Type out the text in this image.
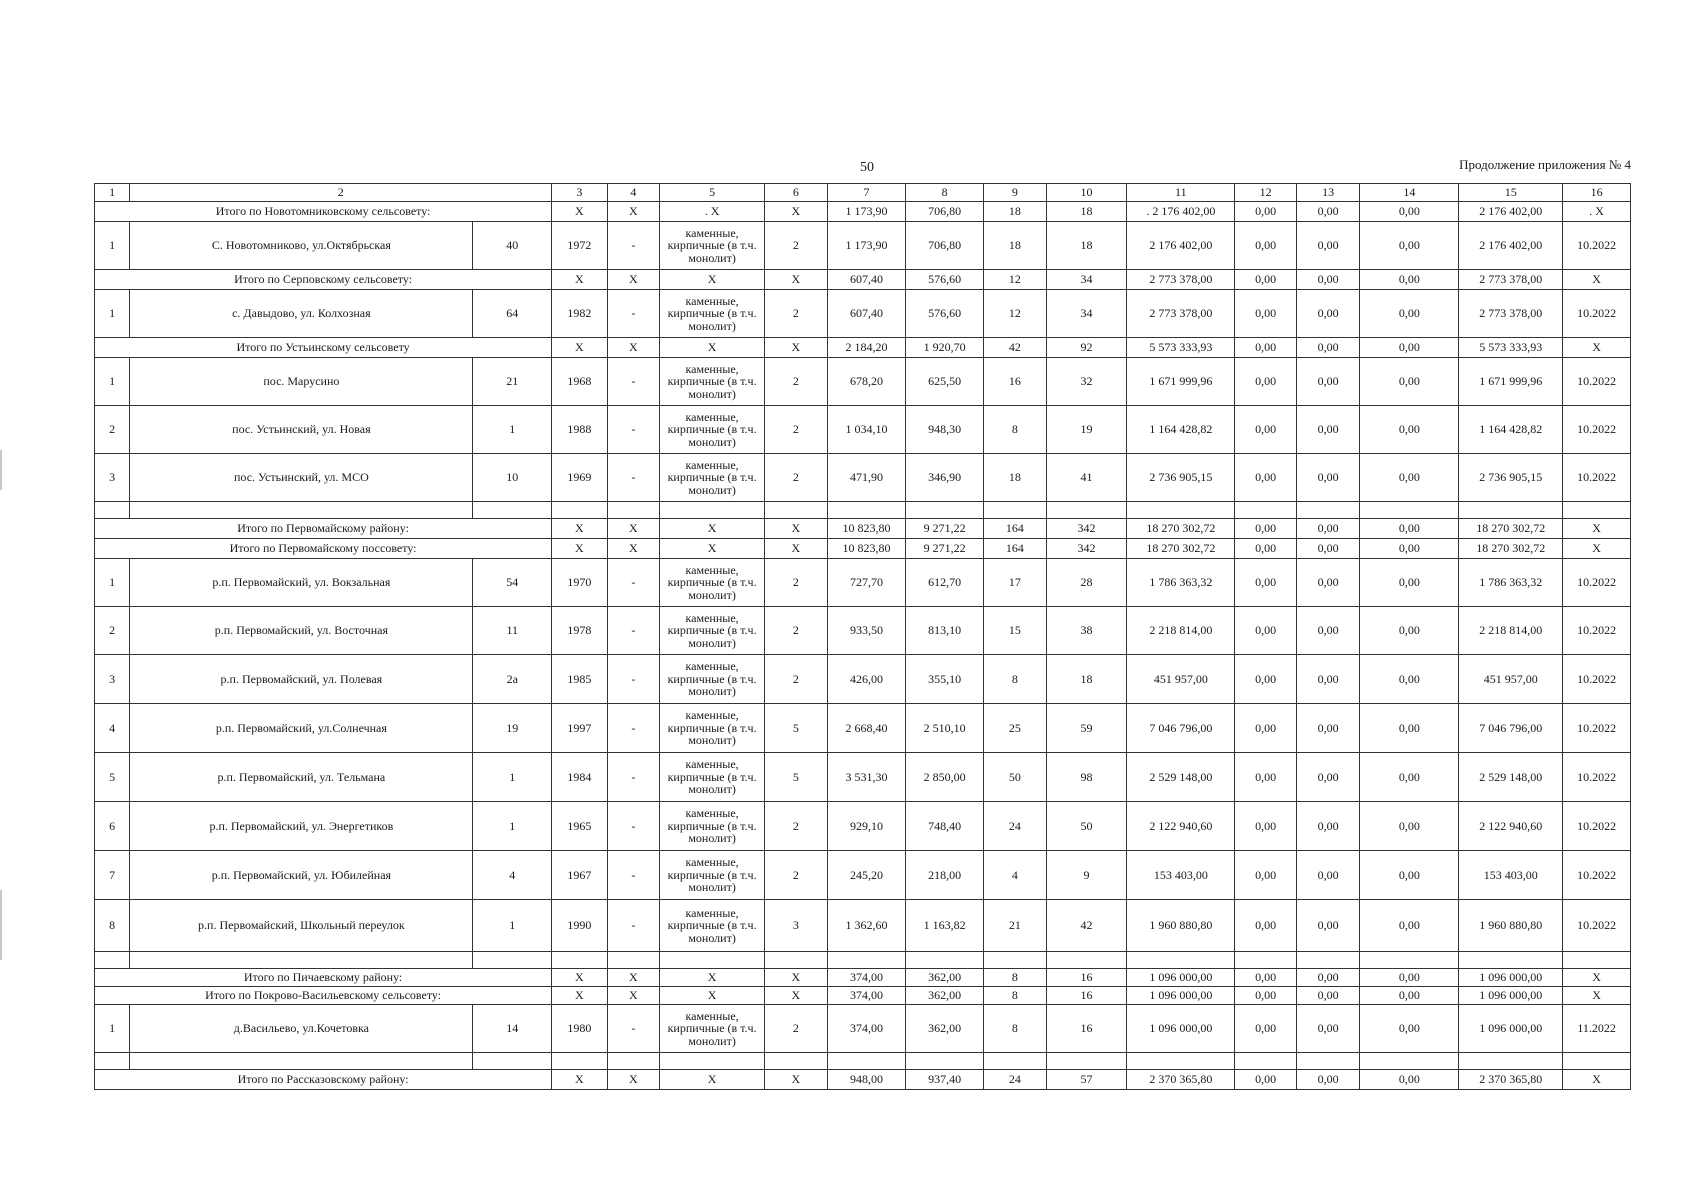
50	Продолжение приложения № 4
1	2		3	4	5	6	7	8	9	10	11	12	13	14	15	16
Итого по Новотомниковскому сельсовету:			X	X	. X	X	1 173,90	706,80	18	18	. 2 176 402,00	0,00	0,00	0,00	2 176 402,00	. X
1	С. Новотомниково, ул.Октябрьская	40	1972	-	каменные, кирпичные (в т.ч. монолит)	2	1 173,90	706,80	18	18	2 176 402,00	0,00	0,00	0,00	2 176 402,00	10.2022
Итого по Серповскому сельсовету:			X	X	X	X	607,40	576,60	12	34	2 773 378,00	0,00	0,00	0,00	2 773 378,00	X
1	с. Давыдово, ул. Колхозная	64	1982	-	каменные, кирпичные (в т.ч. монолит)	2	607,40	576,60	12	34	2 773 378,00	0,00	0,00	0,00	2 773 378,00	10.2022
Итого по Устьинскому сельсовету			X	X	X	X	2 184,20	1 920,70	42	92	5 573 333,93	0,00	0,00	0,00	5 573 333,93	X
1	пос. Марусино	21	1968	-	каменные, кирпичные (в т.ч. монолит)	2	678,20	625,50	16	32	1 671 999,96	0,00	0,00	0,00	1 671 999,96	10.2022
2	пос. Устьинский, ул. Новая	1	1988	-	каменные, кирпичные (в т.ч. монолит)	2	1 034,10	948,30	8	19	1 164 428,82	0,00	0,00	0,00	1 164 428,82	10.2022
3	пос. Устьинский, ул. МСО	10	1969	-	каменные, кирпичные (в т.ч. монолит)	2	471,90	346,90	18	41	2 736 905,15	0,00	0,00	0,00	2 736 905,15	10.2022

Итого по Первомайскому району:			X	X	X	X	10 823,80	9 271,22	164	342	18 270 302,72	0,00	0,00	0,00	18 270 302,72	X
Итого по Первомайскому поссовету:			X	X	X	X	10 823,80	9 271,22	164	342	18 270 302,72	0,00	0,00	0,00	18 270 302,72	X
1	р.п. Первомайский, ул. Вокзальная	54	1970	-	каменные, кирпичные (в т.ч. монолит)	2	727,70	612,70	17	28	1 786 363,32	0,00	0,00	0,00	1 786 363,32	10.2022
2	р.п. Первомайский, ул. Восточная	11	1978	-	каменные, кирпичные (в т.ч. монолит)	2	933,50	813,10	15	38	2 218 814,00	0,00	0,00	0,00	2 218 814,00	10.2022
3	р.п. Первомайский, ул. Полевая	2а	1985	-	каменные, кирпичные (в т.ч. монолит)	2	426,00	355,10	8	18	451 957,00	0,00	0,00	0,00	451 957,00	10.2022
4	р.п. Первомайский, ул.Солнечная	19	1997	-	каменные, кирпичные (в т.ч. монолит)	5	2 668,40	2 510,10	25	59	7 046 796,00	0,00	0,00	0,00	7 046 796,00	10.2022
5	р.п. Первомайский, ул. Тельмана	1	1984	-	каменные, кирпичные (в т.ч. монолит)	5	3 531,30	2 850,00	50	98	2 529 148,00	0,00	0,00	0,00	2 529 148,00	10.2022
6	р.п. Первомайский, ул. Энергетиков	1	1965	-	каменные, кирпичные (в т.ч. монолит)	2	929,10	748,40	24	50	2 122 940,60	0,00	0,00	0,00	2 122 940,60	10.2022
7	р.п. Первомайский, ул. Юбилейная	4	1967	-	каменные, кирпичные (в т.ч. монолит)	2	245,20	218,00	4	9	153 403,00	0,00	0,00	0,00	153 403,00	10.2022
8	р.п. Первомайский, Школьный переулок	1	1990	-	каменные, кирпичные (в т.ч. монолит)	3	1 362,60	1 163,82	21	42	1 960 880,80	0,00	0,00	0,00	1 960 880,80	10.2022

Итого по Пичаевскому району:			X	X	X	X	374,00	362,00	8	16	1 096 000,00	0,00	0,00	0,00	1 096 000,00	X
Итого по Покрово-Васильевскому сельсовету:			X	X	X	X	374,00	362,00	8	16	1 096 000,00	0,00	0,00	0,00	1 096 000,00	X
1	д.Васильево, ул.Кочетовка	14	1980	-	каменные, кирпичные (в т.ч. монолит)	2	374,00	362,00	8	16	1 096 000,00	0,00	0,00	0,00	1 096 000,00	11.2022

Итого по Рассказовскому району:			X	X	X	X	948,00	937,40	24	57	2 370 365,80	0,00	0,00	0,00	2 370 365,80	X
